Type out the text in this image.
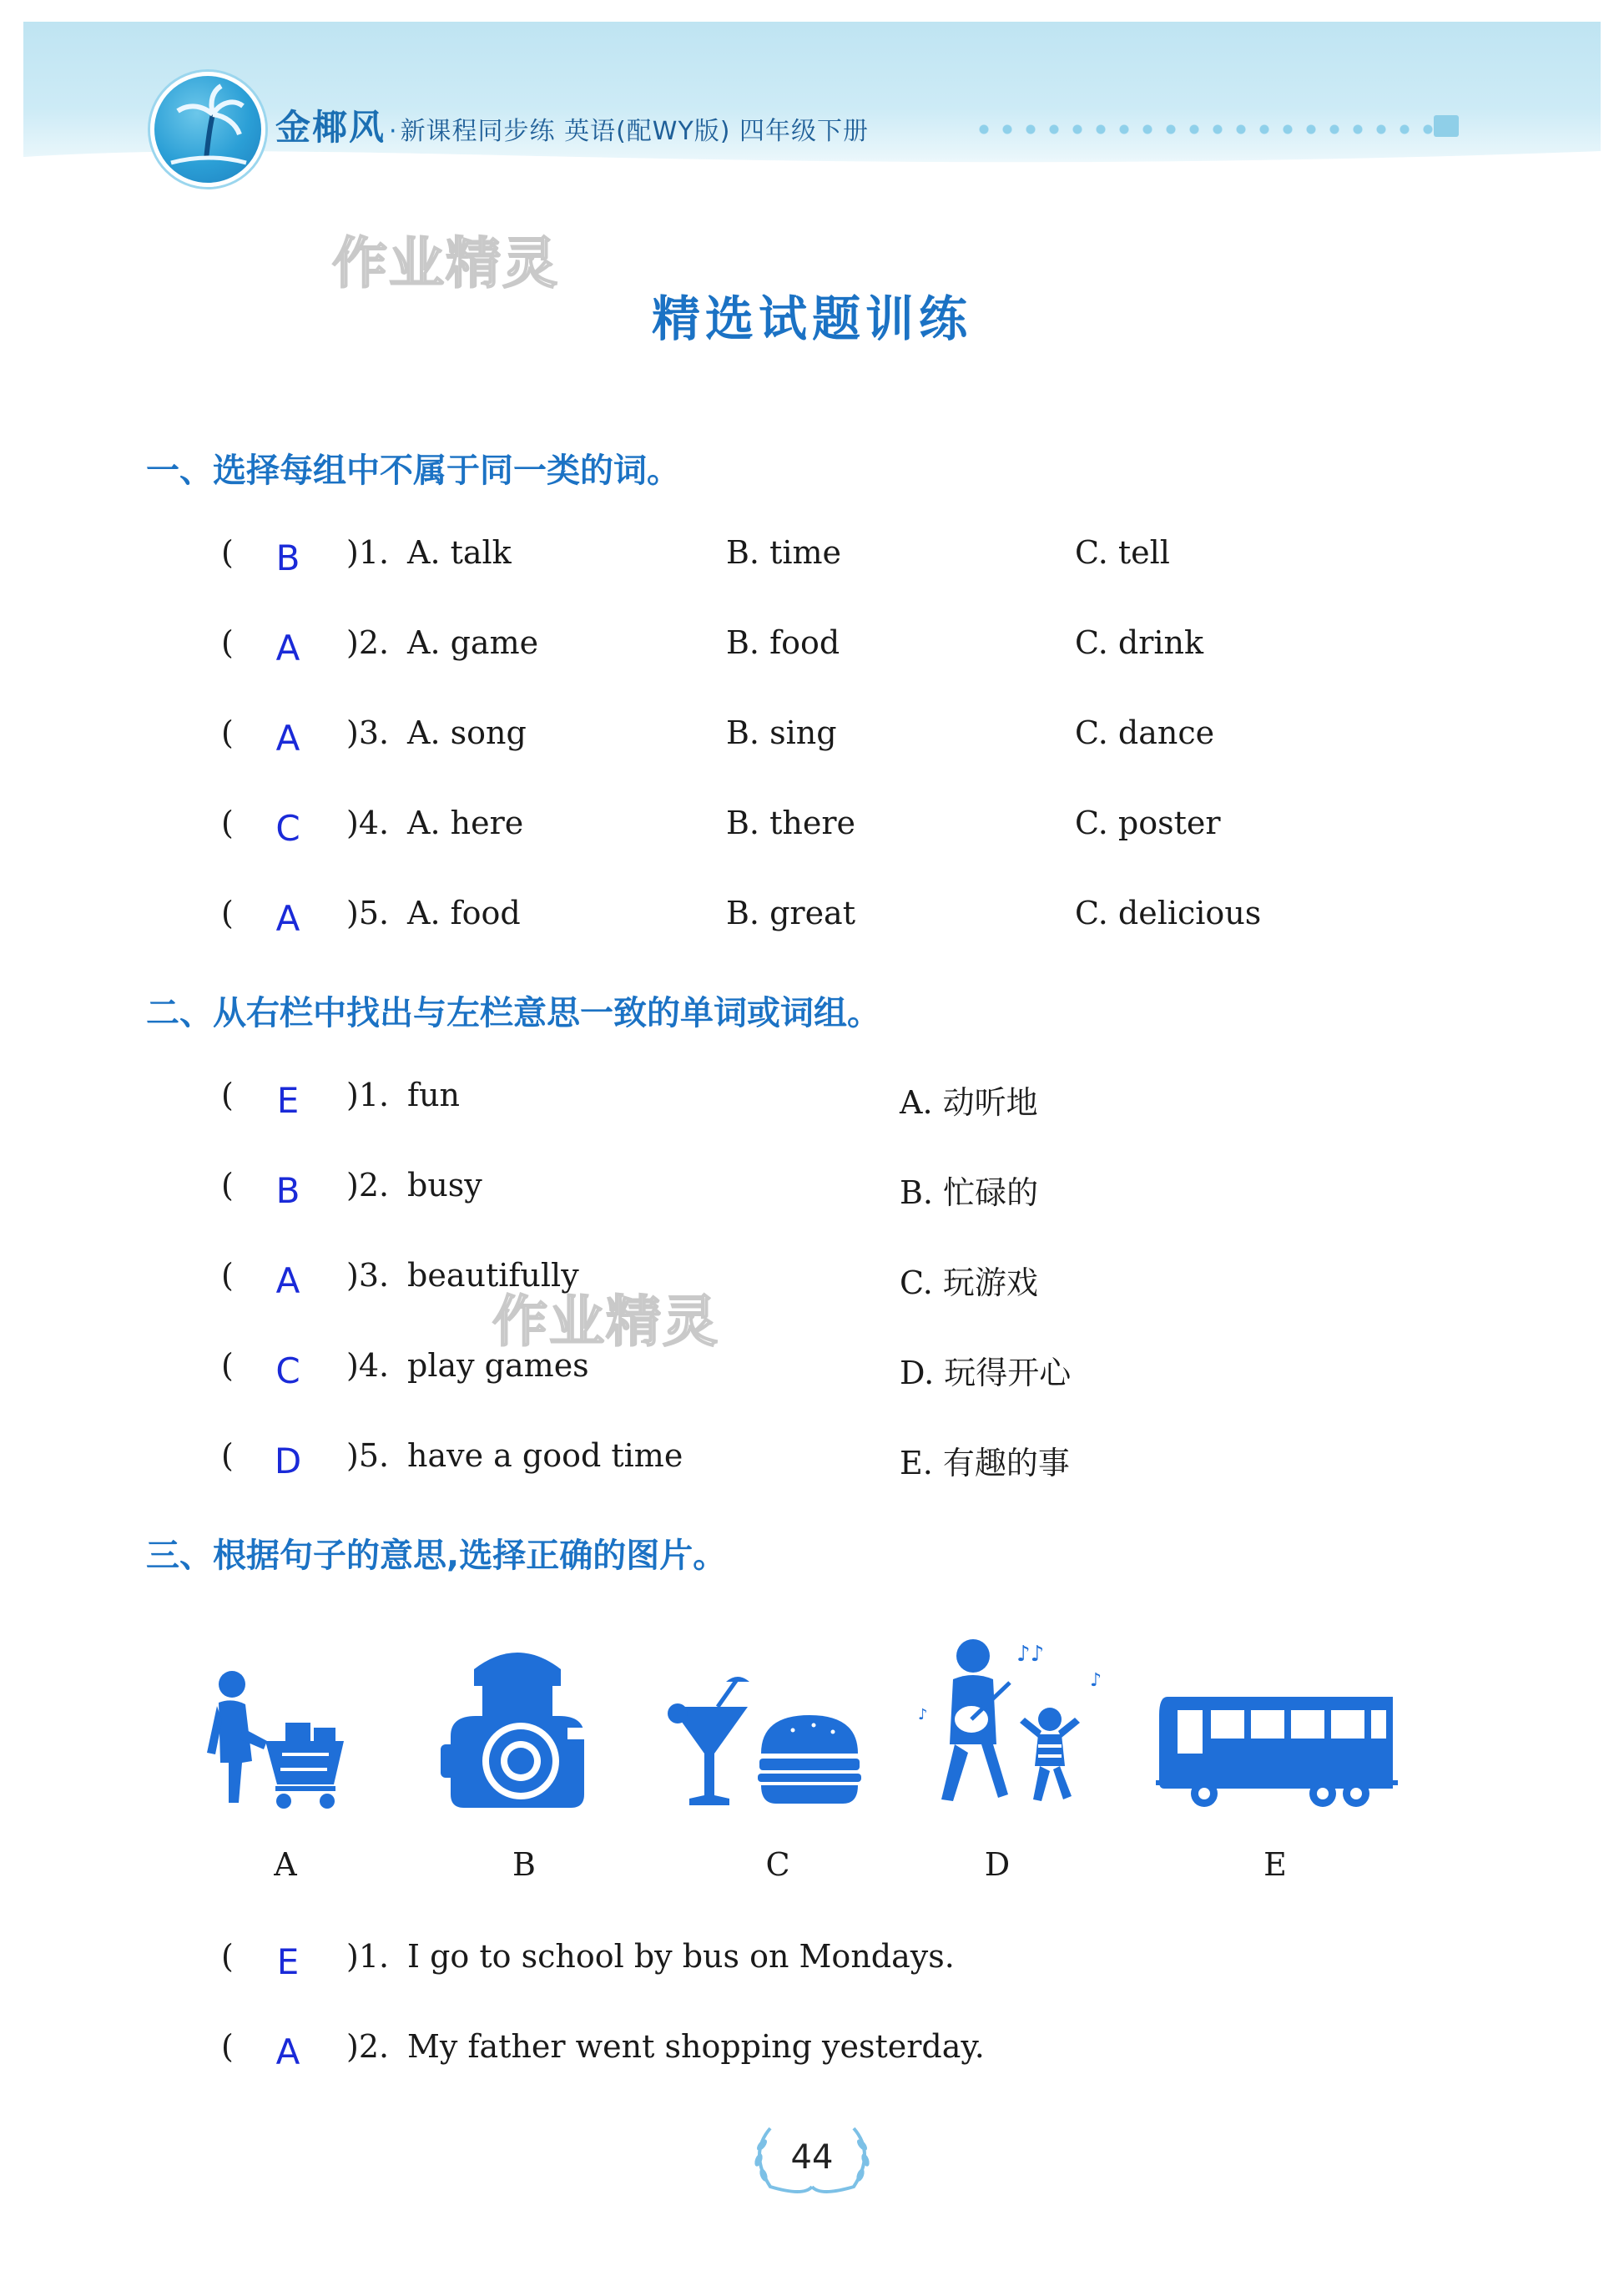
金椰风 · 新课程同步练 英语(配WY版) 四年级下册
作业精灵
作业精灵
精选试题训练
一、选择每组中不属于同一类的词。
( B )1. A. talk	B. time	C. tell
( A )2. A. game	B. food	C. drink
( A )3. A. song	B. sing	C. dance
( C )4. A. here	B. there	C. poster
( A )5. A. food	B. great	C. delicious
二、从右栏中找出与左栏意思一致的单词或词组。
( E	)1. fun	A. 动听地
( B )2. busy	B. 忙碌的
( A )3. beautifully	C. 玩游戏
( C )4. play games	D. 玩得开心
( D )5. have a good time	E. 有趣的事
三、根据句子的意思,选择正确的图片。
♪♪
♪
♪
A	B	C	D	E
( E	)1. I go to school by bus on Mondays.
( A )2. My father went shopping yesterday.
44
